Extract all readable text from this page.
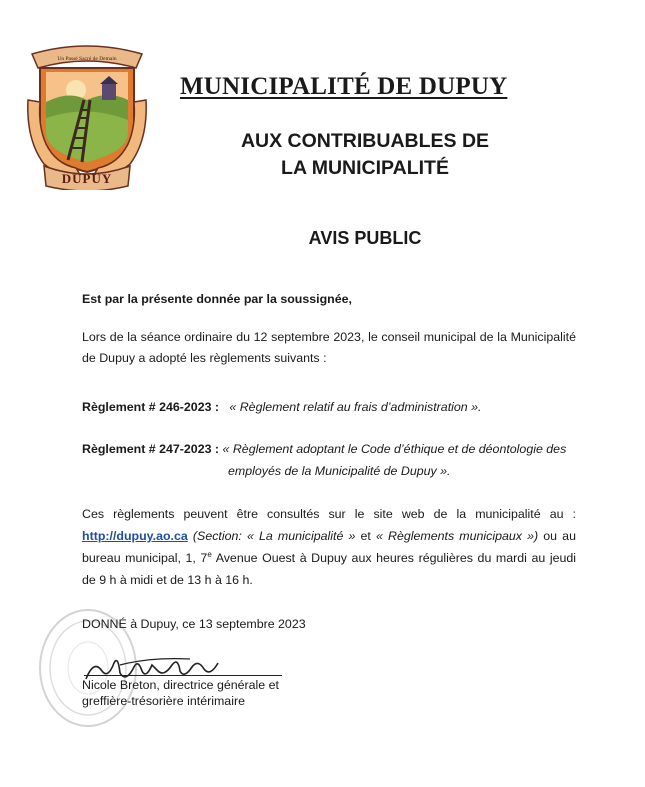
Un Passé Sacré de Demain
DUPUY
MUNICIPALITÉ DE DUPUY
AUX CONTRIBUABLES DE
LA MUNICIPALITÉ
AVIS PUBLIC

Est par la présente donnée par la soussignée,

Lors de la séance ordinaire du 12 septembre 2023, le conseil municipal de la Municipalité de Dupuy a adopté les règlements suivants :

Règlement # 246-2023 : « Règlement relatif au frais d’administration ».
Règlement # 247-2023 : « Règlement adoptant le Code d’éthique et de déontologie des
employés de la Municipalité de Dupuy ».

Ces règlements peuvent être consultés sur le site web de la municipalité au : http://dupuy.ao.ca (Section: « La municipalité » et « Règlements municipaux ») ou au bureau municipal, 1, 7e Avenue Ouest à Dupuy aux heures régulières du mardi au jeudi de 9 h à midi et de 13 h à 16 h.

DONNÉ à Dupuy, ce 13 septembre 2023
Nicole Breton, directrice générale et
greffière-trésorière intérimaire
